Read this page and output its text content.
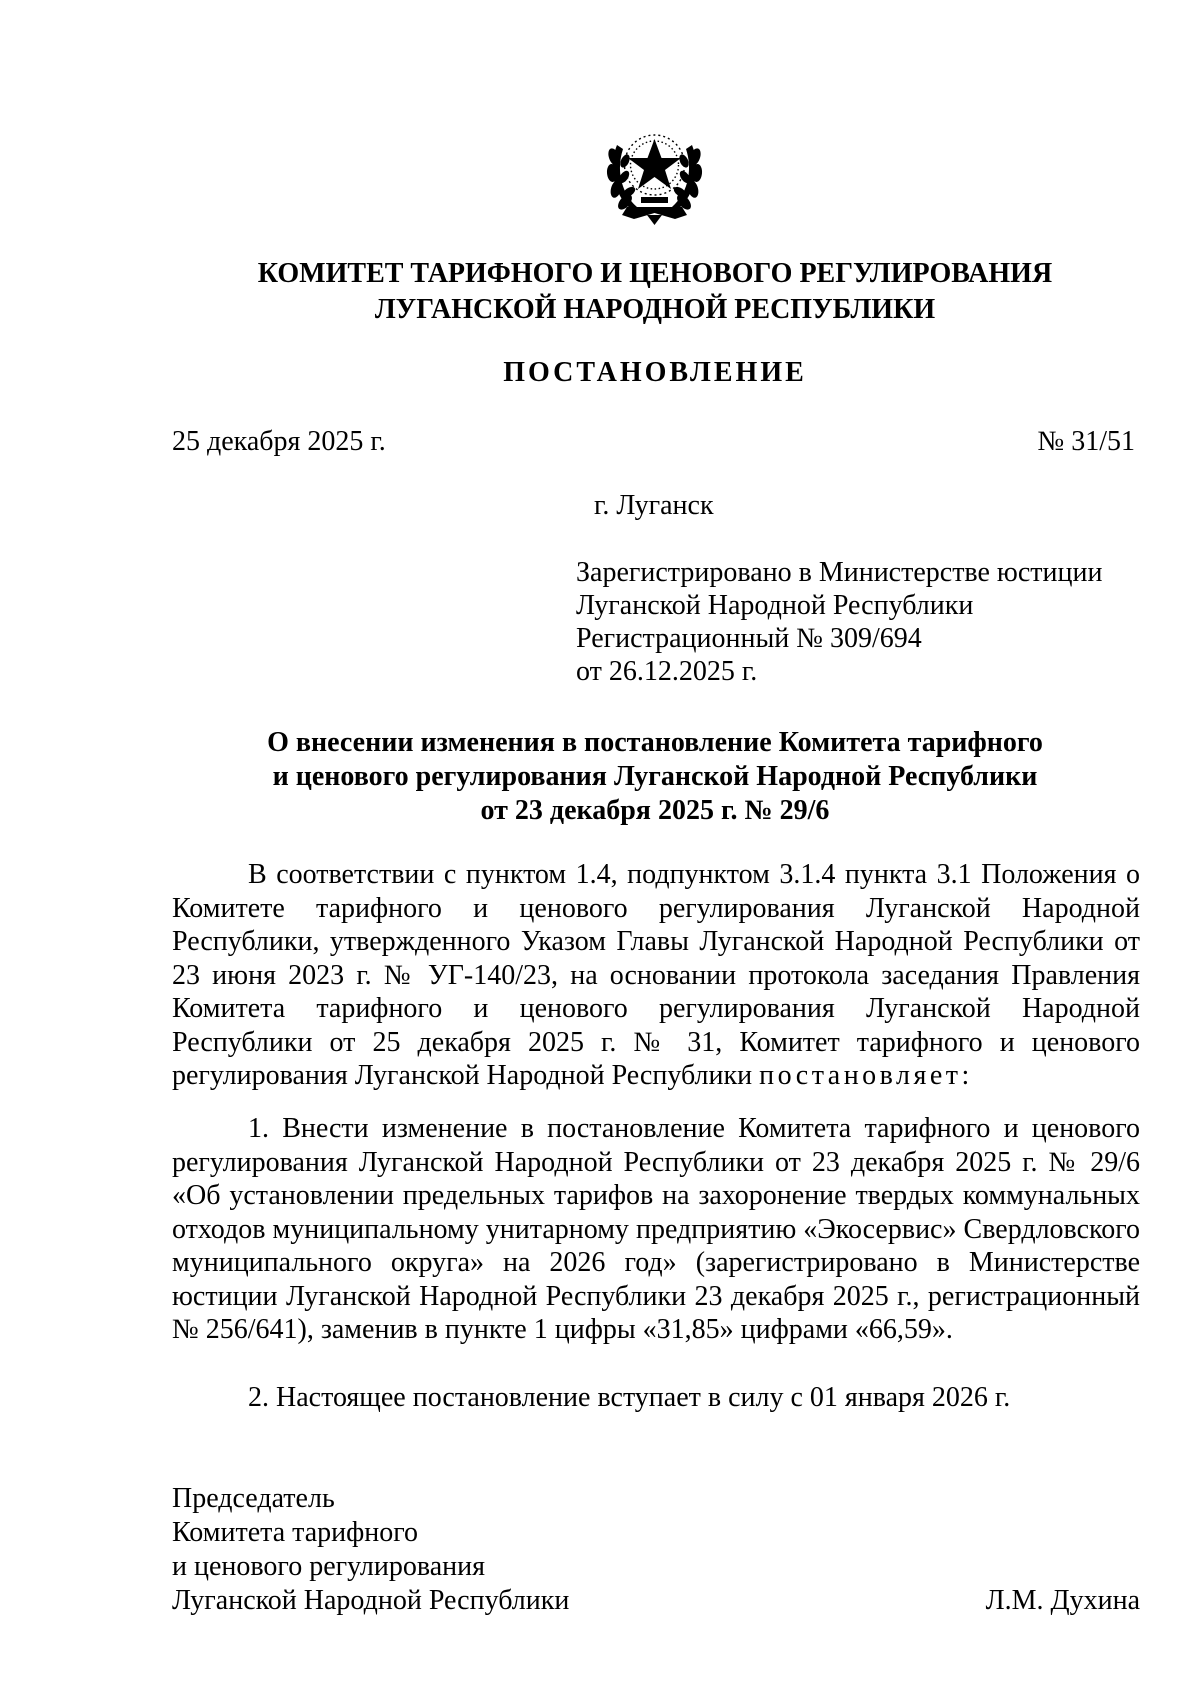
КОМИТЕТ ТАРИФНОГО И ЦЕНОВОГО РЕГУЛИРОВАНИЯ
ЛУГАНСКОЙ НАРОДНОЙ РЕСПУБЛИКИ
ПОСТАНОВЛЕНИЕ
25 декабря 2025 г.	№ 31/51
г. Луганск
Зарегистрировано в Министерстве юстиции
Луганской Народной Республики
Регистрационный № 309/694
от 26.12.2025 г.
О внесении изменения в постановление Комитета тарифного
и ценового регулирования Луганской Народной Республики
от 23 декабря 2025 г. № 29/6

В соответствии с пунктом 1.4, подпунктом 3.1.4 пункта 3.1 Положения о Комитете тарифного и ценового регулирования Луганской Народной Республики, утвержденного Указом Главы Луганской Народной Республики от 23 июня 2023 г. № УГ-140/23, на основании протокола заседания Правления Комитета тарифного и ценового регулирования Луганской Народной Республики от 25 декабря 2025 г. № 31, Комитет тарифного и ценового регулирования Луганской Народной Республики постановляет:

1. Внести изменение в постановление Комитета тарифного и ценового регулирования Луганской Народной Республики от 23 декабря 2025 г. № 29/6 «Об установлении предельных тарифов на захоронение твердых коммунальных отходов муниципальному унитарному предприятию «Экосервис» Свердловского муниципального округа» на 2026 год» (зарегистрировано в Министерстве юстиции Луганской Народной Республики 23 декабря 2025 г., регистрационный № 256/641), заменив в пункте 1 цифры «31,85» цифрами «66,59».

2. Настоящее постановление вступает в силу с 01 января 2026 г.

Председатель
Комитета тарифного
и ценового регулирования
Луганской Народной Республики	Л.М. Духина
